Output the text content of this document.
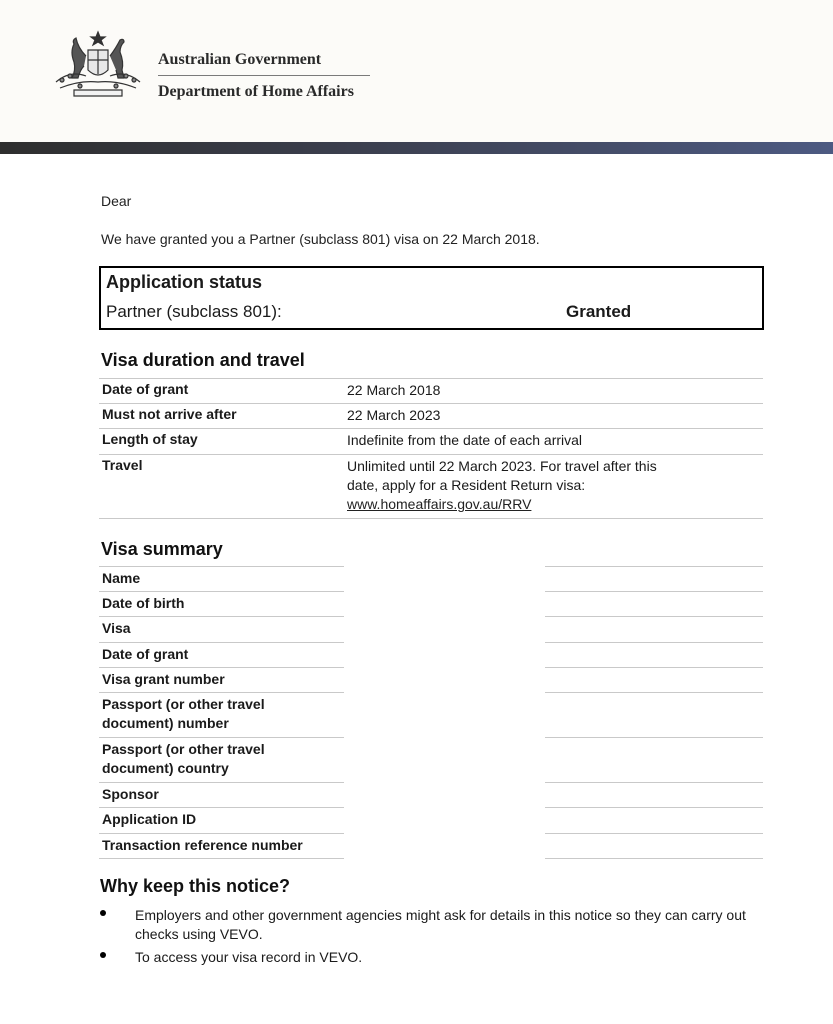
Australian Government
Department of Home Affairs
Dear
We have granted you a Partner (subclass 801) visa on 22 March 2018.
Application status
Partner (subclass 801):	Granted
Visa duration and travel
Date of grant	22 March 2018
Must not arrive after	22 March 2023
Length of stay	Indefinite from the date of each arrival
Travel	Unlimited until 22 March 2023. For travel after this date, apply for a Resident Return visa: www.homeaffairs.gov.au/RRV
Visa summary
Name
Date of birth
Visa
Date of grant
Visa grant number
Passport (or other travel document) number
Passport (or other travel document) country
Sponsor
Application ID
Transaction reference number
Why keep this notice?
Employers and other government agencies might ask for details in this notice so they can carry out checks using VEVO.
To access your visa record in VEVO.
